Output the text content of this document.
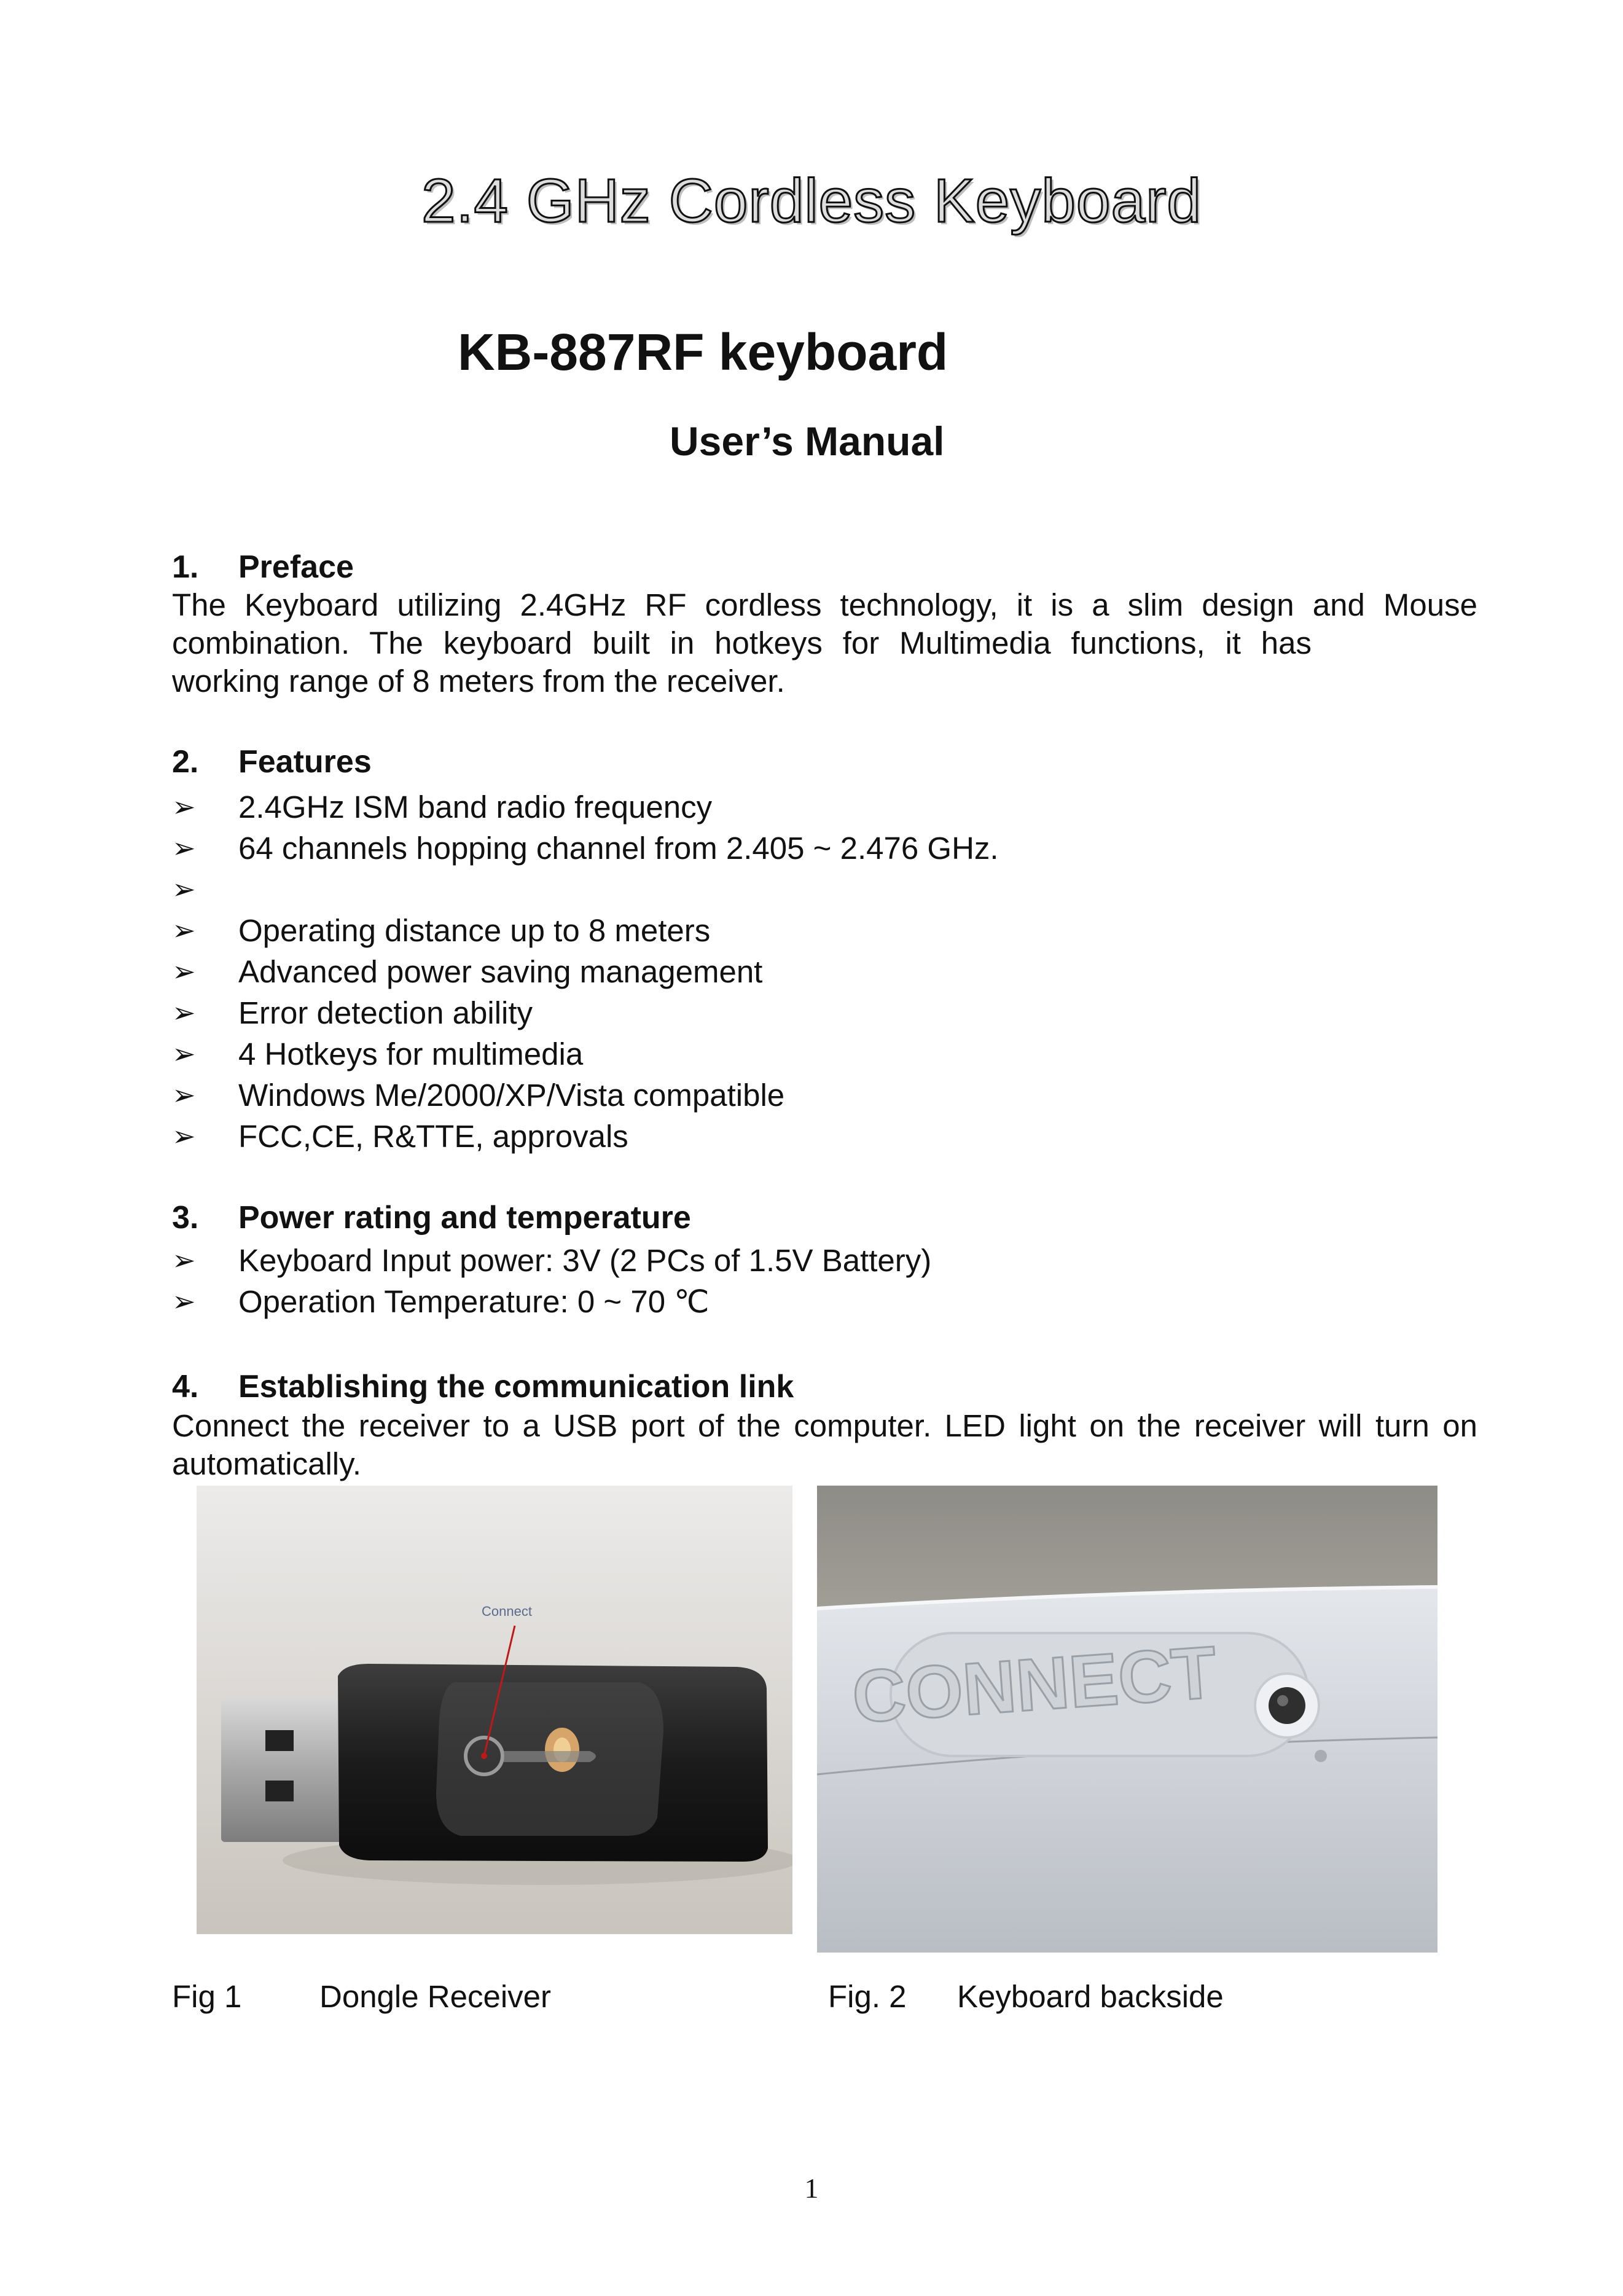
2.4 GHz Cordless Keyboard
KB-887RF keyboard
User’s Manual
1. Preface
The Keyboard utilizing 2.4GHz RF cordless technology, it is a slim design and Mouse
combination. The keyboard built in hotkeys for Multimedia functions, it has
working range of 8 meters from the receiver.
2. Features
➢ 2.4GHz ISM band radio frequency
➢ 64 channels hopping channel from 2.405 ~ 2.476 GHz.
➢
➢ Operating distance up to 8 meters
➢ Advanced power saving management
➢ Error detection ability
➢ 4 Hotkeys for multimedia
➢ Windows Me/2000/XP/Vista compatible
➢ FCC,CE, R&TTE, approvals
3. Power rating and temperature
➢ Keyboard Input power: 3V (2 PCs of 1.5V Battery)
➢ Operation Temperature: 0 ~ 70 ℃
4. Establishing the communication link
Connect the receiver to a USB port of the computer. LED light on the receiver will turn on
automatically.
Connect
CONNECT
Fig 1 Dongle Receiver	Fig. 2 Keyboard backside
1
